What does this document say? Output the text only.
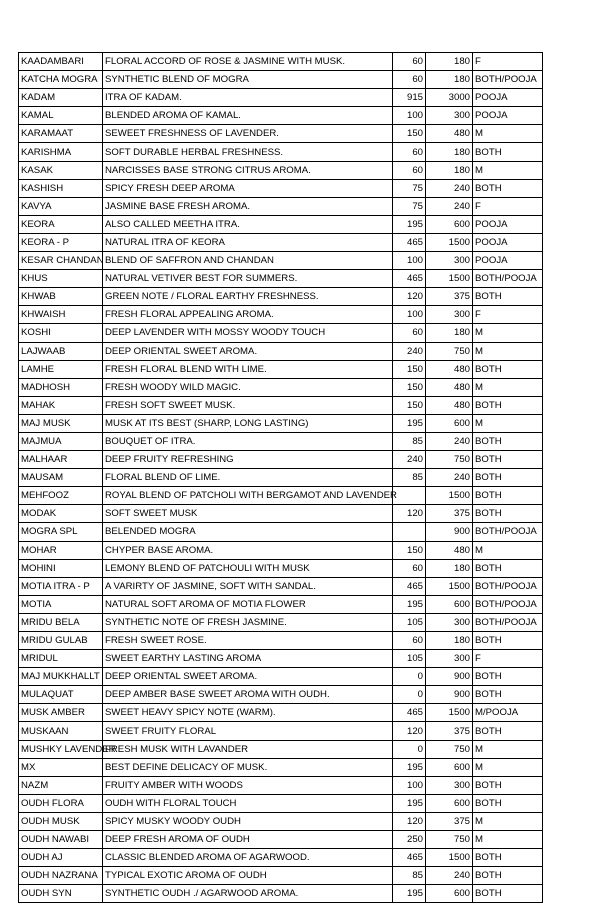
KAADAMBARI	FLORAL ACCORD OF ROSE & JASMINE WITH MUSK.	60	180	F
KATCHA MOGRA	SYNTHETIC BLEND OF MOGRA	60	180	BOTH/POOJA
KADAM	ITRA OF KADAM.	915	3000	POOJA
KAMAL	BLENDED AROMA OF KAMAL.	100	300	POOJA
KARAMAAT	SEWEET FRESHNESS OF LAVENDER.	150	480	M
KARISHMA	SOFT DURABLE HERBAL FRESHNESS.	60	180	BOTH
KASAK	NARCISSES BASE STRONG CITRUS AROMA.	60	180	M
KASHISH	SPICY FRESH DEEP AROMA	75	240	BOTH
KAVYA	JASMINE BASE FRESH AROMA.	75	240	F
KEORA	ALSO CALLED MEETHA ITRA.	195	600	POOJA
KEORA - P	NATURAL ITRA OF KEORA	465	1500	POOJA
KESAR CHANDAN	BLEND OF SAFFRON AND CHANDAN	100	300	POOJA
KHUS	NATURAL VETIVER BEST FOR SUMMERS.	465	1500	BOTH/POOJA
KHWAB	GREEN NOTE / FLORAL EARTHY FRESHNESS.	120	375	BOTH
KHWAISH	FRESH FLORAL APPEALING AROMA.	100	300	F
KOSHI	DEEP LAVENDER WITH MOSSY WOODY TOUCH	60	180	M
LAJWAAB	DEEP ORIENTAL SWEET AROMA.	240	750	M
LAMHE	FRESH FLORAL BLEND WITH LIME.	150	480	BOTH
MADHOSH	FRESH WOODY WILD MAGIC.	150	480	M
MAHAK	FRESH SOFT SWEET MUSK.	150	480	BOTH
MAJ MUSK	MUSK AT ITS BEST (SHARP, LONG LASTING)	195	600	M
MAJMUA	BOUQUET OF ITRA.	85	240	BOTH
MALHAAR	DEEP FRUITY REFRESHING	240	750	BOTH
MAUSAM	FLORAL BLEND OF LIME.	85	240	BOTH
MEHFOOZ	ROYAL BLEND OF PATCHOLI WITH BERGAMOT AND LAVENDER		1500	BOTH
MODAK	SOFT SWEET MUSK	120	375	BOTH
MOGRA SPL	BELENDED MOGRA		900	BOTH/POOJA
MOHAR	CHYPER BASE AROMA.	150	480	M
MOHINI	LEMONY BLEND OF PATCHOULI WITH MUSK	60	180	BOTH
MOTIA ITRA - P	A VARIRTY OF JASMINE, SOFT WITH SANDAL.	465	1500	BOTH/POOJA
MOTIA	NATURAL SOFT AROMA OF MOTIA FLOWER	195	600	BOTH/POOJA
MRIDU BELA	SYNTHETIC NOTE OF FRESH JASMINE.	105	300	BOTH/POOJA
MRIDU GULAB	FRESH SWEET ROSE.	60	180	BOTH
MRIDUL	SWEET EARTHY LASTING AROMA	105	300	F
MAJ MUKKHALLT	DEEP ORIENTAL SWEET AROMA.	0	900	BOTH
MULAQUAT	DEEP AMBER BASE SWEET AROMA WITH OUDH.	0	900	BOTH
MUSK AMBER	SWEET HEAVY SPICY NOTE (WARM).	465	1500	M/POOJA
MUSKAAN	SWEET FRUITY FLORAL	120	375	BOTH
MUSHKY LAVENDER	FRESH MUSK WITH LAVANDER	0	750	M
MX	BEST DEFINE DELICACY OF MUSK.	195	600	M
NAZM	FRUITY AMBER WITH WOODS	100	300	BOTH
OUDH FLORA	OUDH WITH FLORAL TOUCH	195	600	BOTH
OUDH MUSK	SPICY MUSKY WOODY OUDH	120	375	M
OUDH NAWABI	DEEP FRESH AROMA OF OUDH	250	750	M
OUDH AJ	CLASSIC BLENDED AROMA OF AGARWOOD.	465	1500	BOTH
OUDH NAZRANA	TYPICAL EXOTIC AROMA OF OUDH	85	240	BOTH
OUDH SYN	SYNTHETIC OUDH ./ AGARWOOD AROMA.	195	600	BOTH
